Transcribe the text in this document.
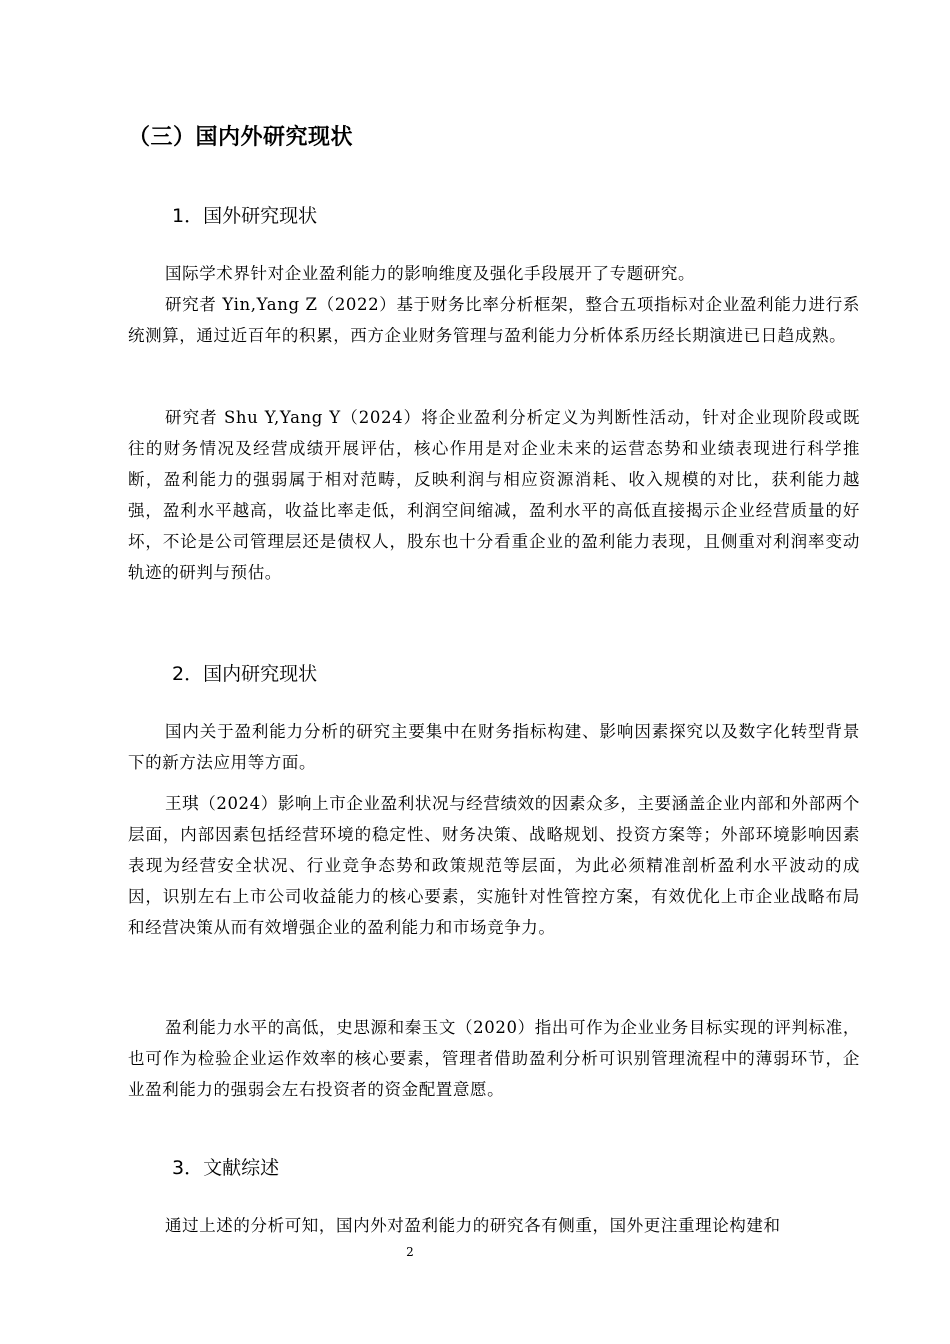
（三）国内外研究现状
1．国外研究现状

国际学术界针对企业盈利能力的影响维度及强化手段展开了专题研究。

研究者 Yin,Yang Z（2022）基于财务比率分析框架，整合五项指标对企业盈利能力进行系统测算，通过近百年的积累，西方企业财务管理与盈利能力分析体系历经长期演进已日趋成熟。

研究者 Shu Y,Yang Y（2024）将企业盈利分析定义为判断性活动，针对企业现阶段或既往的财务情况及经营成绩开展评估，核心作用是对企业未来的运营态势和业绩表现进行科学推断，盈利能力的强弱属于相对范畴，反映利润与相应资源消耗、收入规模的对比，获利能力越强，盈利水平越高，收益比率走低，利润空间缩减，盈利水平的高低直接揭示企业经营质量的好坏，不论是公司管理层还是债权人，股东也十分看重企业的盈利能力表现，且侧重对利润率变动轨迹的研判与预估。

2．国内研究现状

国内关于盈利能力分析的研究主要集中在财务指标构建、影响因素探究以及数字化转型背景下的新方法应用等方面。

王琪（2024）影响上市企业盈利状况与经营绩效的因素众多，主要涵盖企业内部和外部两个层面，内部因素包括经营环境的稳定性、财务决策、战略规划、投资方案等；外部环境影响因素表现为经营安全状况、行业竞争态势和政策规范等层面，为此必须精准剖析盈利水平波动的成因，识别左右上市公司收益能力的核心要素，实施针对性管控方案，有效优化上市企业战略布局和经营决策从而有效增强企业的盈利能力和市场竞争力。

盈利能力水平的高低，史思源和秦玉文（2020）指出可作为企业业务目标实现的评判标准，也可作为检验企业运作效率的核心要素，管理者借助盈利分析可识别管理流程中的薄弱环节，企业盈利能力的强弱会左右投资者的资金配置意愿。

3．文献综述

通过上述的分析可知，国内外对盈利能力的研究各有侧重，国外更注重理论构建和

2
